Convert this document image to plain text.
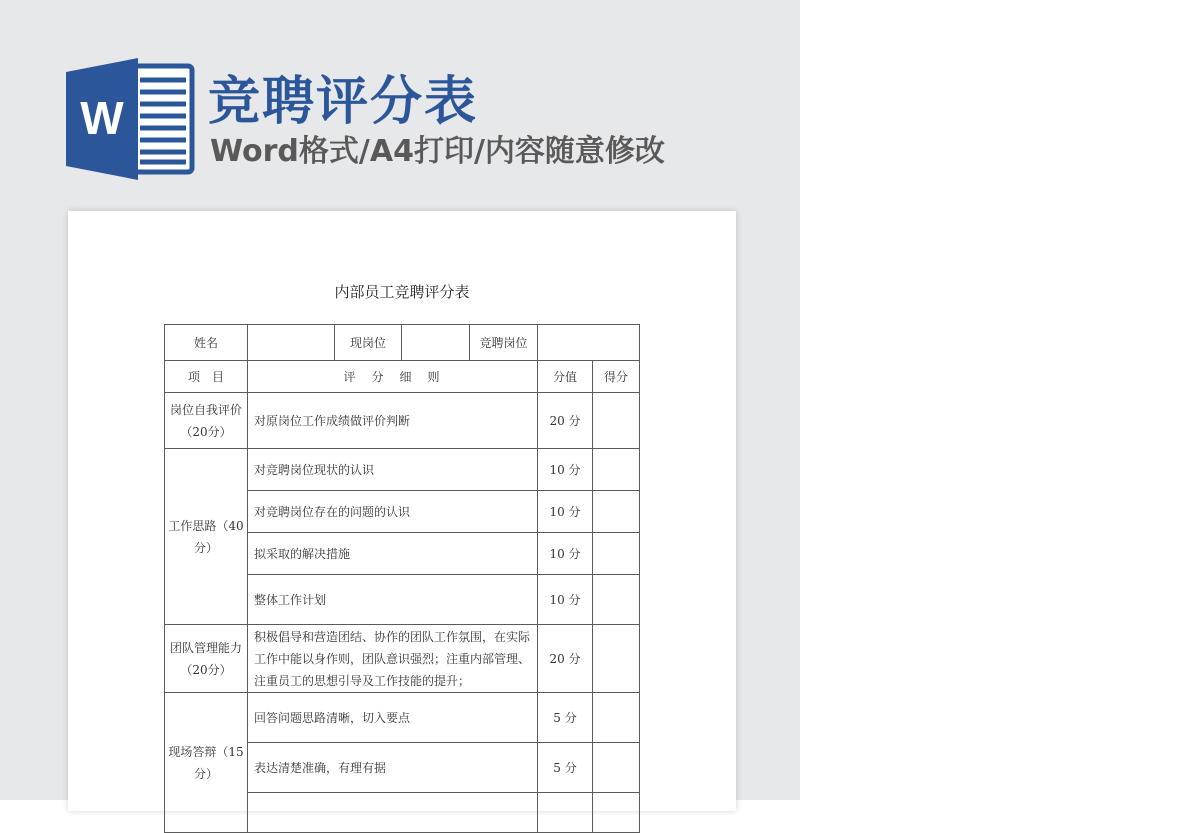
W 竞聘评分表
Word格式/A4打印/内容随意修改
内部员工竞聘评分表
姓名		现岗位		竞聘岗位		
项　目	评　分　细　则				分值	得分
岗位自我评价（20分）	对原岗位工作成绩做评价判断				20 分	
工作思路（40分）	对竞聘岗位现状的认识				10 分	
	对竞聘岗位存在的问题的认识				10 分	
	拟采取的解决措施				10 分	
	整体工作计划				10 分	
团队管理能力（20分）	积极倡导和营造团结、协作的团队工作氛围，在实际工作中能以身作则，团队意识强烈；注重内部管理、注重员工的思想引导及工作技能的提升；				20 分	
现场答辩（15分）	回答问题思路清晰，切入要点				5 分	
	表达清楚准确，有理有据				5 分	
